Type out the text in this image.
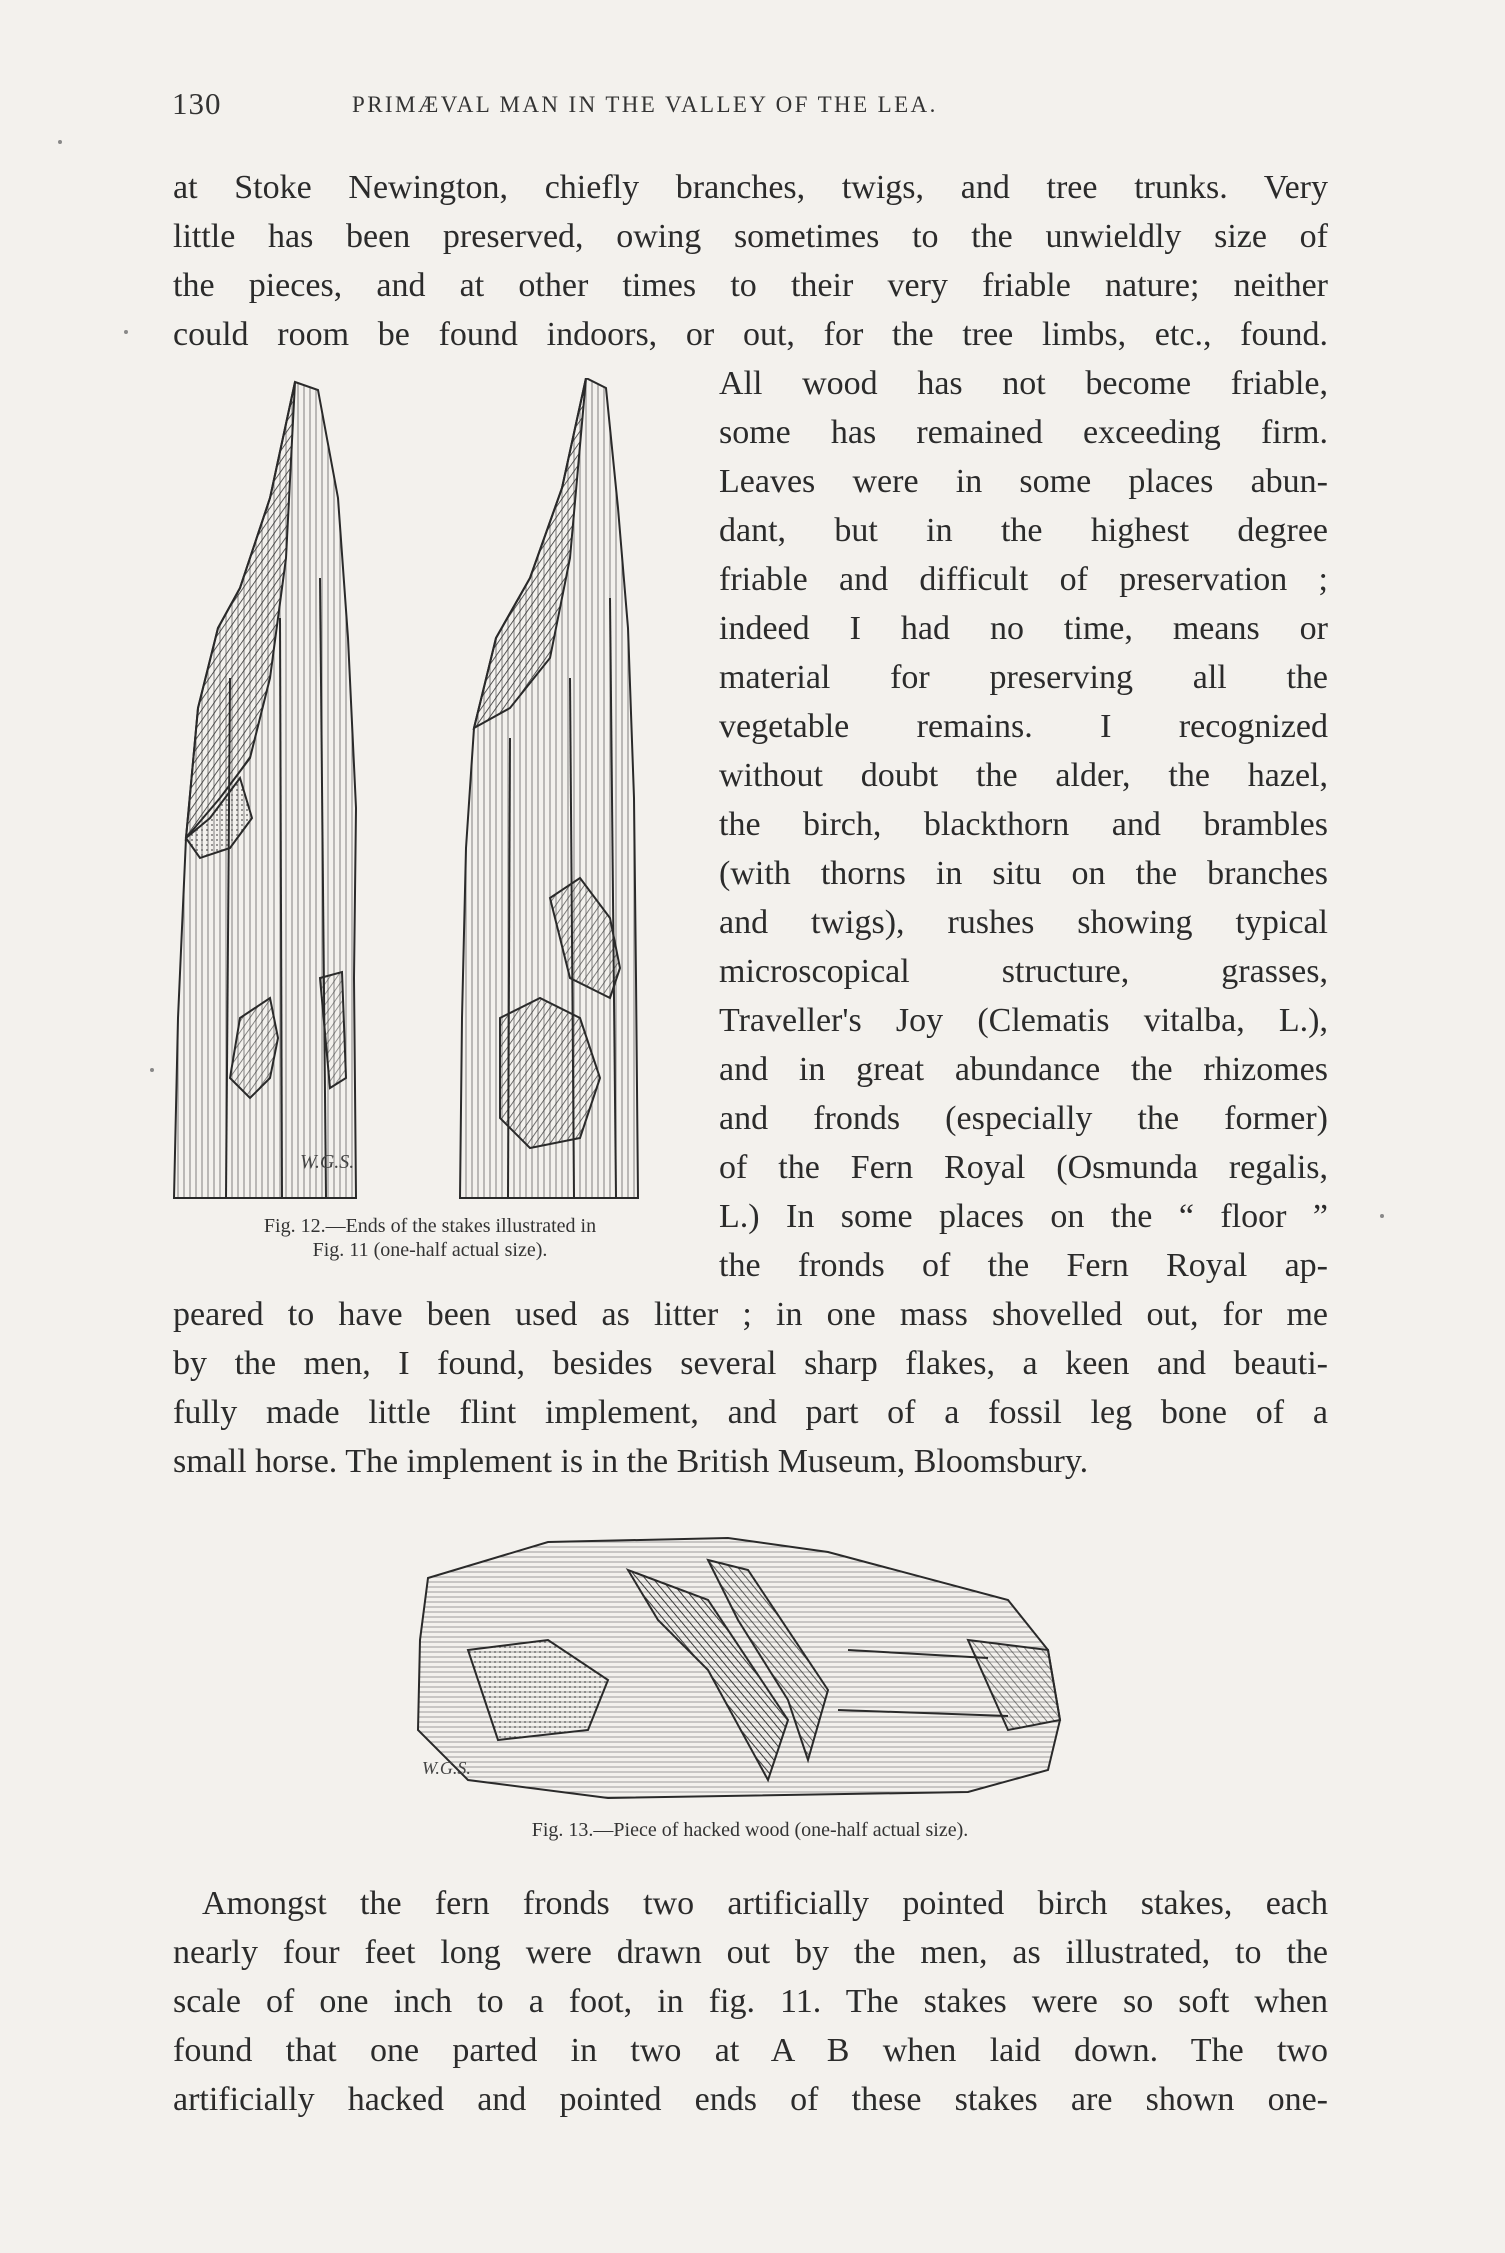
130	PRIMÆVAL MAN IN THE VALLEY OF THE LEA.
at Stoke Newington, chiefly branches, twigs, and tree trunks. Very
little has been preserved, owing sometimes to the unwieldly size of
the pieces, and at other times to their very friable nature; neither
could room be found indoors, or out, for the tree limbs, etc., found.
All wood has not become friable,
some has remained exceeding firm.
Leaves were in some places abun-
dant, but in the highest degree
friable and difficult of preservation ;
indeed I had no time, means or
material for preserving all the
vegetable remains. I recognized
without doubt the alder, the hazel,
the birch, blackthorn and brambles
(with thorns in situ on the branches
and twigs), rushes showing typical
microscopical structure, grasses,
Traveller's Joy (Clematis vitalba, L.),
and in great abundance the rhizomes
and fronds (especially the former)
of the Fern Royal (Osmunda regalis,
L.) In some places on the “ floor ”
the fronds of the Fern Royal ap-
peared to have been used as litter ; in one mass shovelled out, for me
by the men, I found, besides several sharp flakes, a keen and beauti-
fully made little flint implement, and part of a fossil leg bone of a
small horse. The implement is in the British Museum, Bloomsbury.
W.G.S.
Fig. 12.—Ends of the stakes illustrated in
Fig. 11 (one-half actual size).
W.G.S.
Fig. 13.—Piece of hacked wood (one-half actual size).
Amongst the fern fronds two artificially pointed birch stakes, each
nearly four feet long were drawn out by the men, as illustrated, to the
scale of one inch to a foot, in fig. 11. The stakes were so soft when
found that one parted in two at A B when laid down. The two
artificially hacked and pointed ends of these stakes are shown one-
